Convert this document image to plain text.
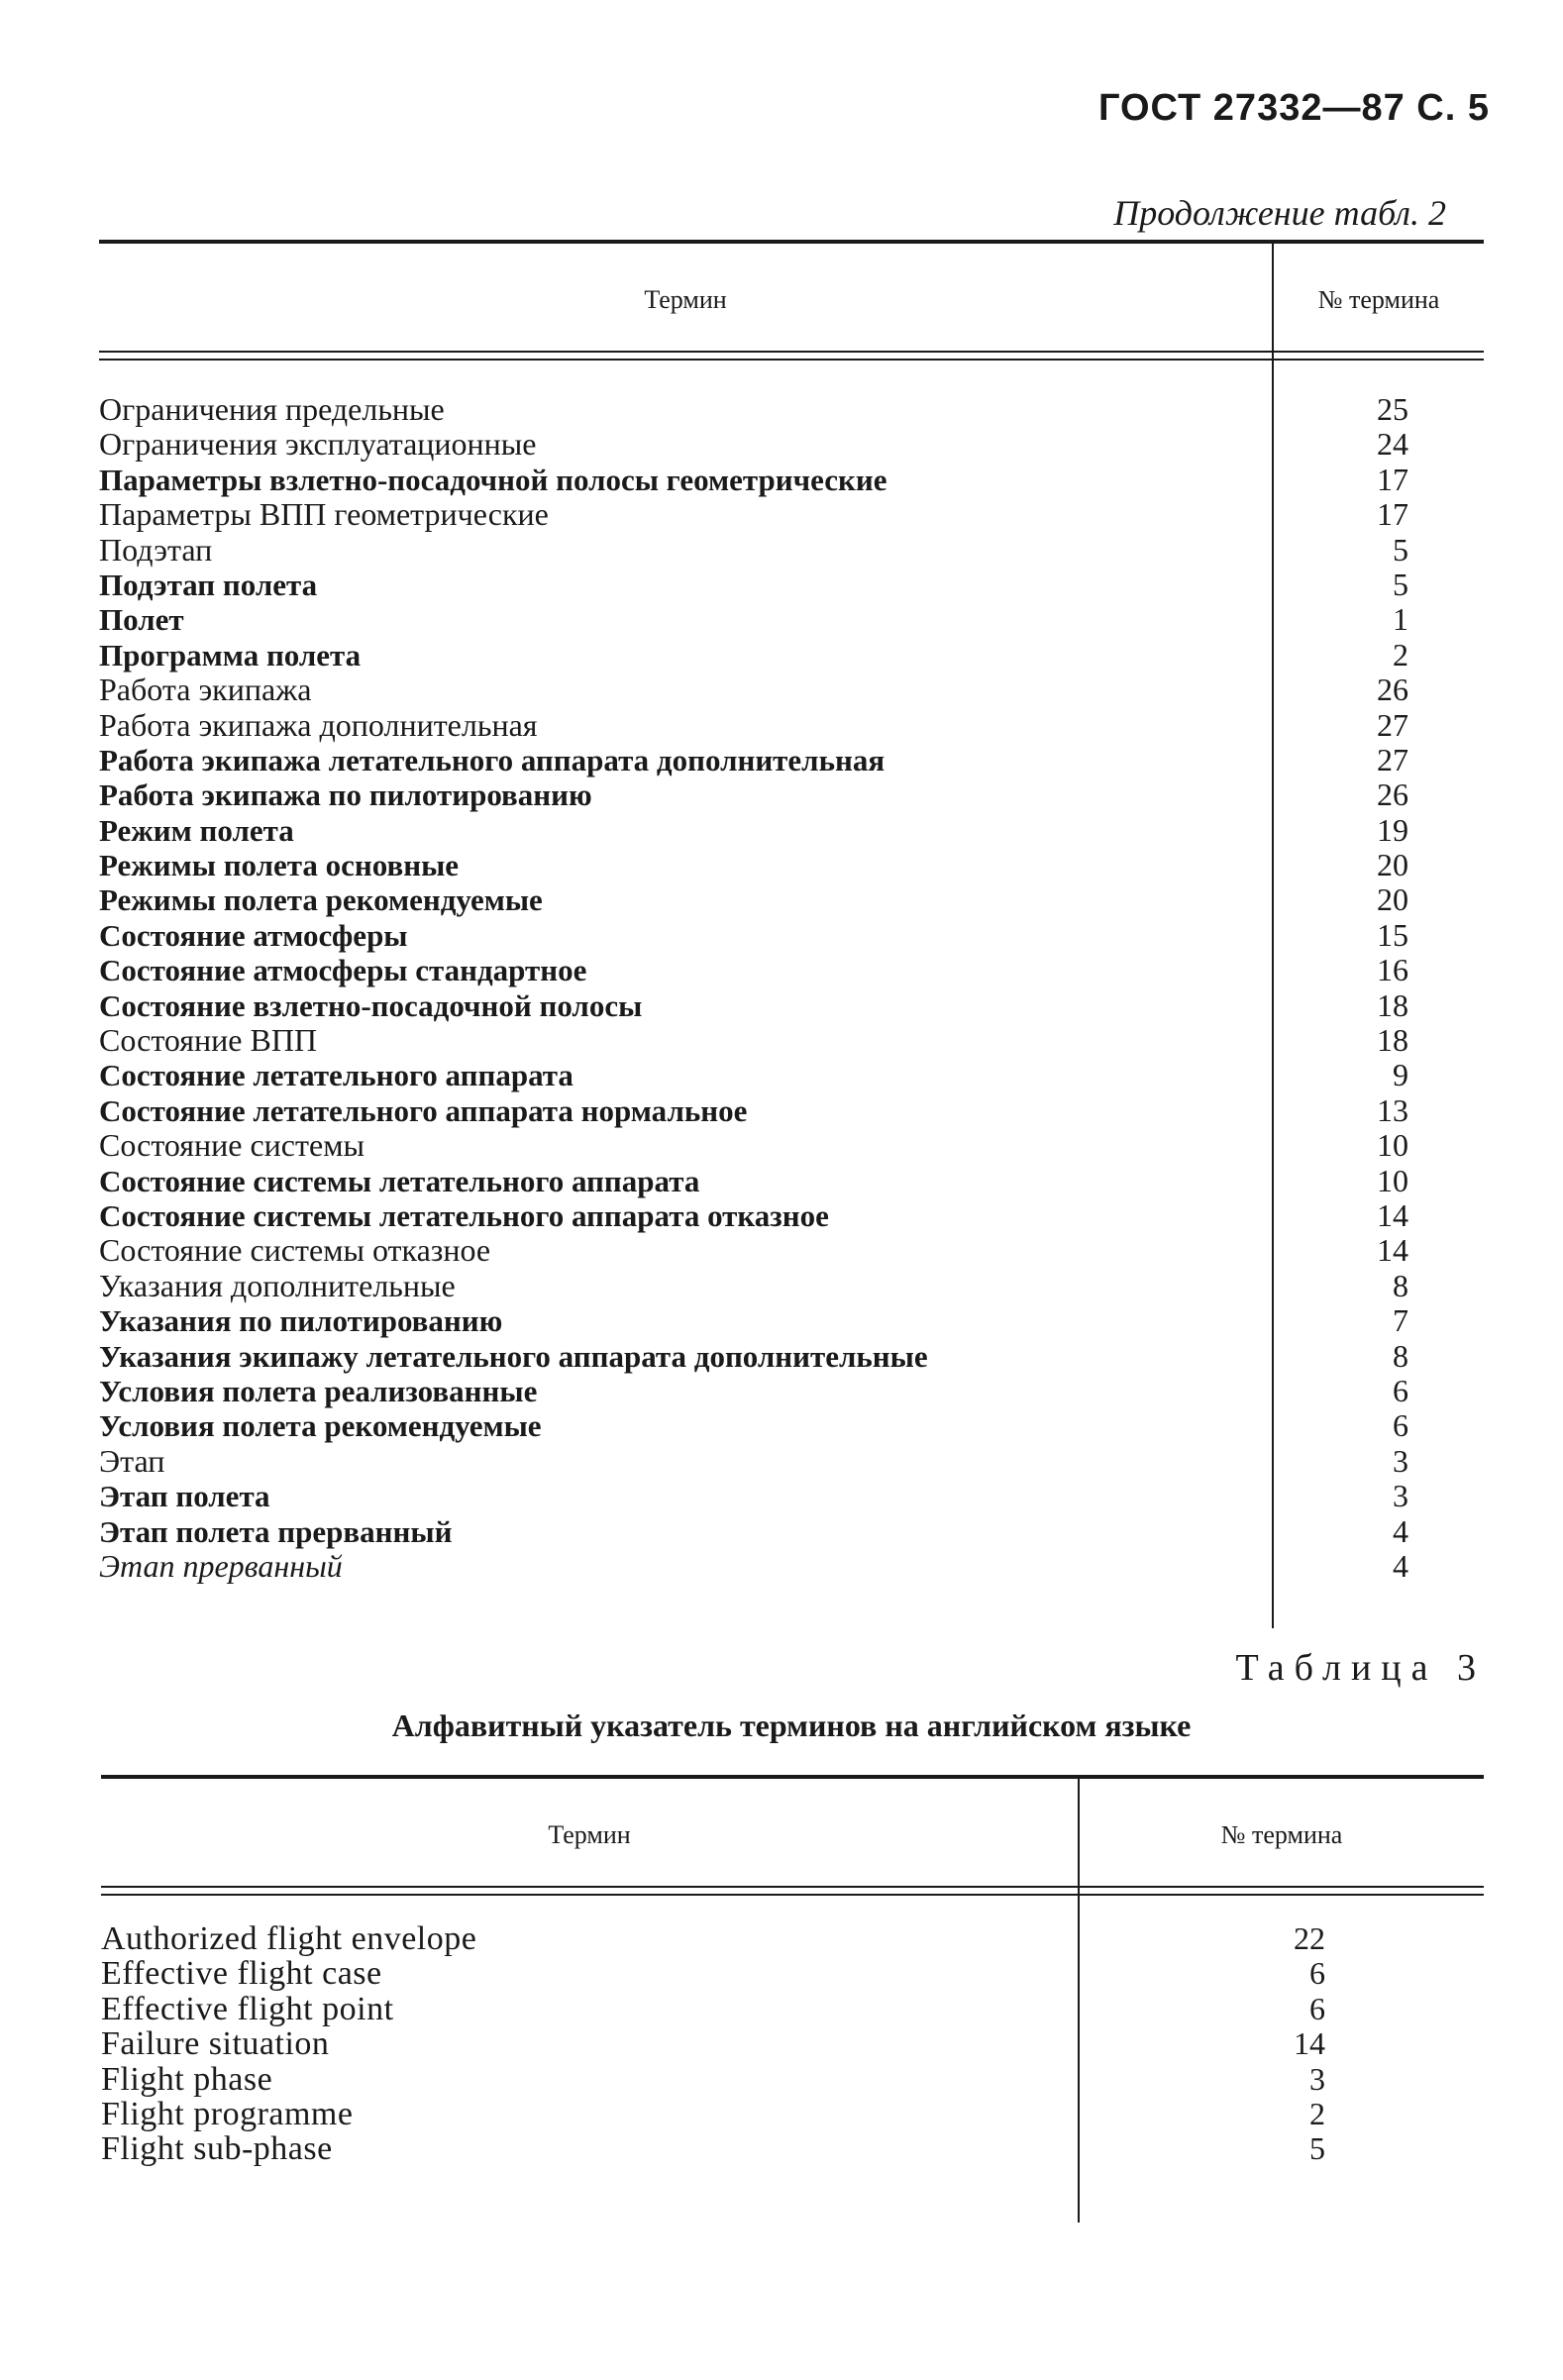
ГОСТ 27332—87 С. 5
Продолжение табл. 2
Термин	№ термина
Ограничения предельные	25
Ограничения эксплуатационные	24
Параметры взлетно-посадочной полосы геометрические	17
Параметры ВПП геометрические	17
Подэтап	5
Подэтап полета	5
Полет	1
Программа полета	2
Работа экипажа	26
Работа экипажа дополнительная	27
Работа экипажа летательного аппарата дополнительная	27
Работа экипажа по пилотированию	26
Режим полета	19
Режимы полета основные	20
Режимы полета рекомендуемые	20
Состояние атмосферы	15
Состояние атмосферы стандартное	16
Состояние взлетно-посадочной полосы	18
Состояние ВПП	18
Состояние летательного аппарата	9
Состояние летательного аппарата нормальное	13
Состояние системы	10
Состояние системы летательного аппарата	10
Состояние системы летательного аппарата отказное	14
Состояние системы отказное	14
Указания дополнительные	8
Указания по пилотированию	7
Указания экипажу летательного аппарата дополнительные	8
Условия полета реализованные	6
Условия полета рекомендуемые	6
Этап	3
Этап полета	3
Этап полета прерванный	4
Этап прерванный	4
Таблица 3
Алфавитный указатель терминов на английском языке
Термин	№ термина
Authorized flight envelope	22
Effective flight case	6
Effective flight point	6
Failure situation	14
Flight phase	3
Flight programme	2
Flight sub-phase	5
